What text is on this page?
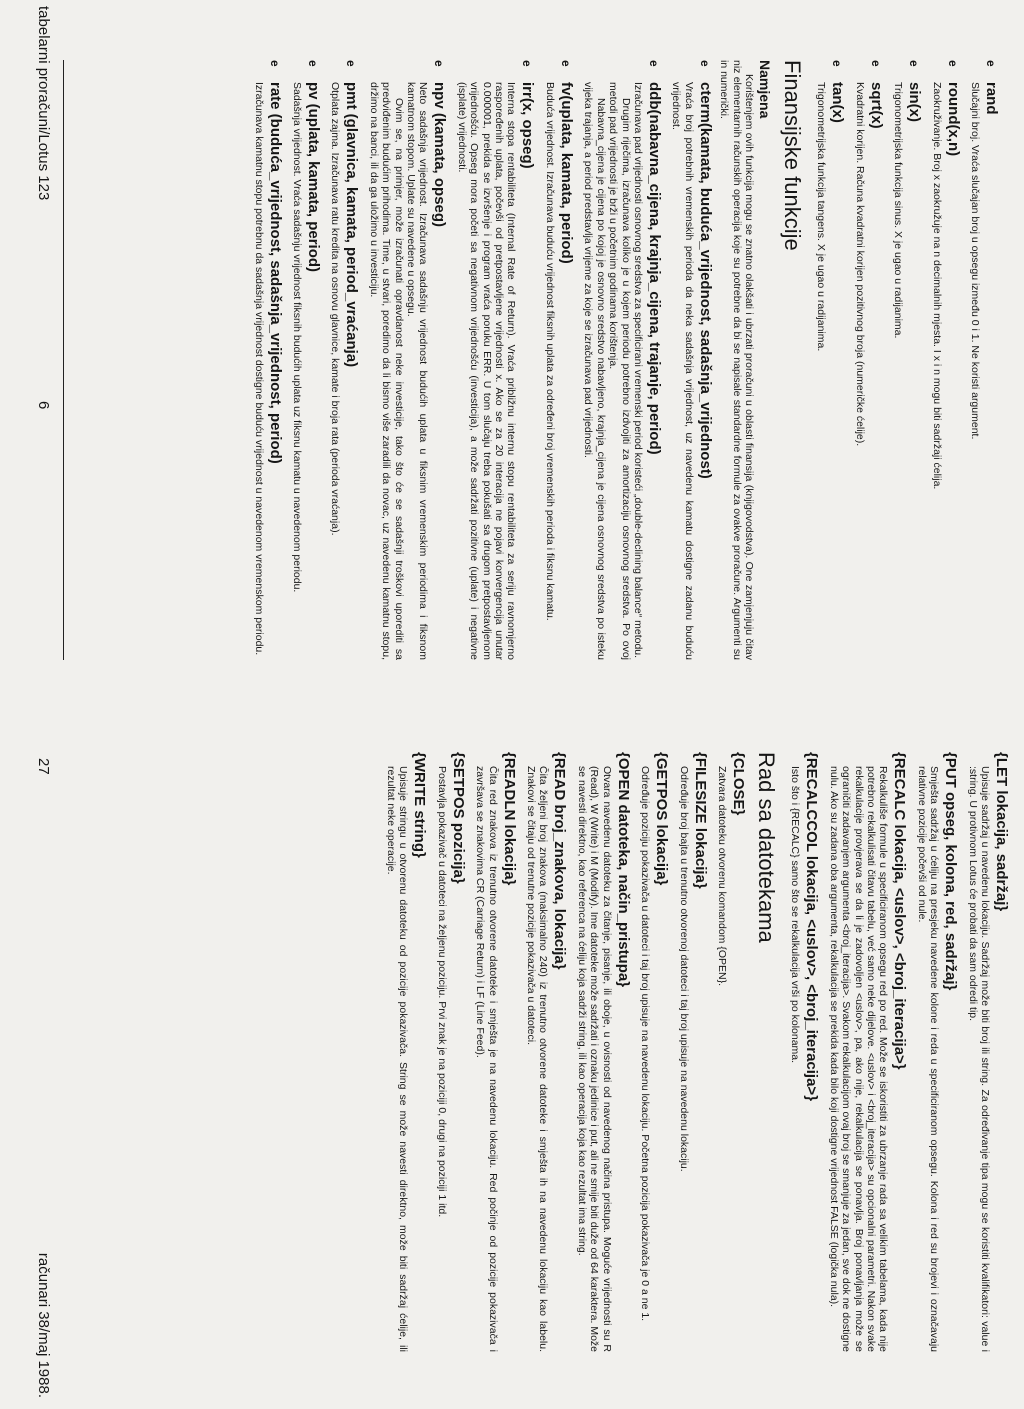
еrand

Slučajni broj. Vraća slučajan broj u opsegu između 0 i 1. Ne koristi argument.

еround(x,n)

Zaokruživanje. Broj x zaokružuje na n decimalnih mjesta. I x i n mogu biti sadržaji ćelija.

еsin(x)

Trigonometrijska funkcija sinus. X je ugao u radijanima.

еsqrt(x)

Kvadratni korijen. Računa kvadratni korijen pozitivnog broja (numeričke ćelije).

еtan(x)

Trigonometrijska funkcija tangens. X je ugao u radijanima.

Finansijske funkcije
Namjena

Korištenjem ovih funkcija mogu se znatno olakšati i ubrzati proračuni u oblasti finansija (knjigovodstva). One zamjenjuju čitav niz elementarnih računskih operacija koje su potrebne da bi se napisale standardne formule za ovakve proračune. Argumenti su in numerički.

еcterm(kamata, buduća_vrijednost, sadašnja_vrijednost)

Vraća broj potrebnih vremenskih perioda da neka sadašnja vrijednost, uz navedenu kamatu dostigne zadanu buduću vrijednost.

еddb(nabavna_cijena, krajnja_cijena, trajanje, period)

Izračunava pad vrijednosti osnovnog sredstva za specificirani vremenski period koristeći „double-declining balance“ metodu.

Drugim riječima, izračunava koliko je u kojem periodu potrebno izdvojiti za amortizaciju osnovnog sredstva. Po ovoj metodi pad vrijednosti je brži u početnim godinama korištenja.

Nabavna_cijena je cijena po kojoj je osnovno sredstvo nabavljeno, krajnja_cijena je cijena osnovnog sredstva po isteku vijeka trajanja, a period predstavlja vrijeme za koje se izračunava pad vrijednosti.

еfv(uplata, kamata, period)

Buduća vrijednost. Izračunava buduću vrijednost fiksnih uplata za određeni broj vremenskih perioda i fiksnu kamatu.

еirr(x, opseg)

Interna stopa rentabiliteta (Internal Rate of Return). Vraća približnu internu stopu rentabiliteta za seriju ravnomjerno raspoređenih uplata, počevši od pretpostavljene vrijednosti x. Ako se za 20 interacija ne pojavi konvergencija unutar 0.000001, prekida se izvršenje i program vraća poruku ERR. U tom slučaju treba pokušati sa drugom pretpostavljenom vrijednošću. Opseg mora početi sa negativnom vrijednošću (investicija), a može sadržati pozitivne (uplate) i negativne (isplate) vrijednosti.

еnpv (kamata, opseg)

Neto sadašnja vrijednost. Izračunava sadašnju vrijednost budućih uplata u fiksnim vremenskim periodima i fiksnom kamatnom stopom. Uplate su navedene u opsegu.

Ovim se, na primjer, može izračunati opravdanost neke investicije, tako što će se sadašnji troškovi uporediti sa predviđenim budućim prihodima. Time, u stvari, poredimo da li bismo više zaradili da novac, uz navedenu kamatnu stopu, držimo na banci, ili da ga uložimo u investiciju.

еpmt (glavnica, kamata, period_vraćanja)

Otplata zajma. Izračunava ratu kredita na osnovu glavnice, kamate i broja rata (perioda vraćanja).

еpv (uplata, kamata, period)

Sadašnja vrijednost. Vraća sadašnju vrijednost fiksnih budućih uplata uz fiksnu kamatu u navedenom periodu.

еrate (buduća_vrijednost, sadašnja_vrijednost, period)

Izračunava kamatnu stopu potrebnu da sadašnja vrijednost dostigne buduću vrijednost u navedenom vremenskom periodu.

{LET lokacija, sadržaj}

Upisuje sadržaj u navedenu lokaciju. Sadržaj može biti broj ili string. Za određivanje tipa mogu se koristiti kvalifikatori: value i :string. U protivnom Lotus će probati da sam odredi tip.

{PUT opseg, kolona, red, sadržaj}

Smješta sadržaj u ćeliju na presjeku navedene kolone i reda u specificiranom opsegu. Kolona i red su brojevi i označavaju relativne pozicije počevši od nule.

{RECALC lokacija, <uslov>, <broj_iteracija>}

Rekalkuliše formule u specificiranom opsegu red po red. Može se iskoristiti za ubrzanje rada sa velikim tabelama, kada nije potrebno rekalkulisati čitavu tabelu, već samo neke dijelove. <uslov> i <broj_iteracija> su opcionalni parametri. Nakon svake rekalkulacije provjerava se da li je zadovoljen <uslov>, pa, ako nije, rekalkulacija se ponavlja. Broj ponavljanja može se ograničiti zadavanjem argumenta <broj_iteracija>. Svakom rekalkulacijom ovaj broj se smanjuje za jedan, sve dok ne dostigne nulu. Ako su zadana oba argumenta, rekalkulacija se prekida kada bilo koji dostigne vrijednost FALSE (logička nula).

{RECALCCOL lokacija, <uslov>, <broj_iteracija>}

Isto što i {RECALC} samo što se rekalkulacija vrši po kolonama.

Rad sa datotekama
{CLOSE}

Zatvara datoteku otvorenu komandom {OPEN}.

{FILESIZE lokacija}

Određuje broj bajta u trenutno otvorenoj datoteci i taj broj upisuje na navedenu lokaciju.

{GETPOS lokacija}

Određuje poziciju pokazivača u datoteci i taj broj upisuje na navedenu lokaciju. Početna pozicija pokazivača je 0 a ne 1.

{OPEN datoteka, način_pristupa}

Otvara navedenu datoteku za čitanje, pisanje, ili oboje, u ovisnosti od navedenog načina pristupa. Moguće vrijednosti su R (Read), W (Write) i M (Modify). Ime datoteke može sadržati i oznaku jedinice i put, ali ne smije biti duže od 64 karaktera. Može se navesti direktno, kao referenca na ćeliju koja sadrži string, ili kao operacija koja kao rezultat ima string.

{READ broj_znakova, lokacija}

Čita željeni broj znakova (maksimalno 240) iz trenutno otvorene datoteke i smješta ih na navedenu lokaciju kao labelu. Znakovi se čitaju od trenutne pozicije pokazivača u datoteci.

{READLN lokacija}

Čita red znakova iz trenutno otvorene datoteke i smješta je na navedenu lokaciju. Red počinje od pozicije pokazivača i završava se znakovima CR (Carriage Return) i LF (Line Feed).

{SETPOS pozicija}

Postavlja pokazivač u datoteci na željenu poziciju. Prvi znak je na poziciji 0, drugi na poziciji 1 itd.

{WRITE string}

Upisuje stringu u otvorenu datoteku od pozicije pokazivača. String se može navesti direktno, može biti sadržaj ćelije, ili rezultat neke operacije.

tabelarni proračuni/Lotus 123
6
27
računari 38/maj 1988.
